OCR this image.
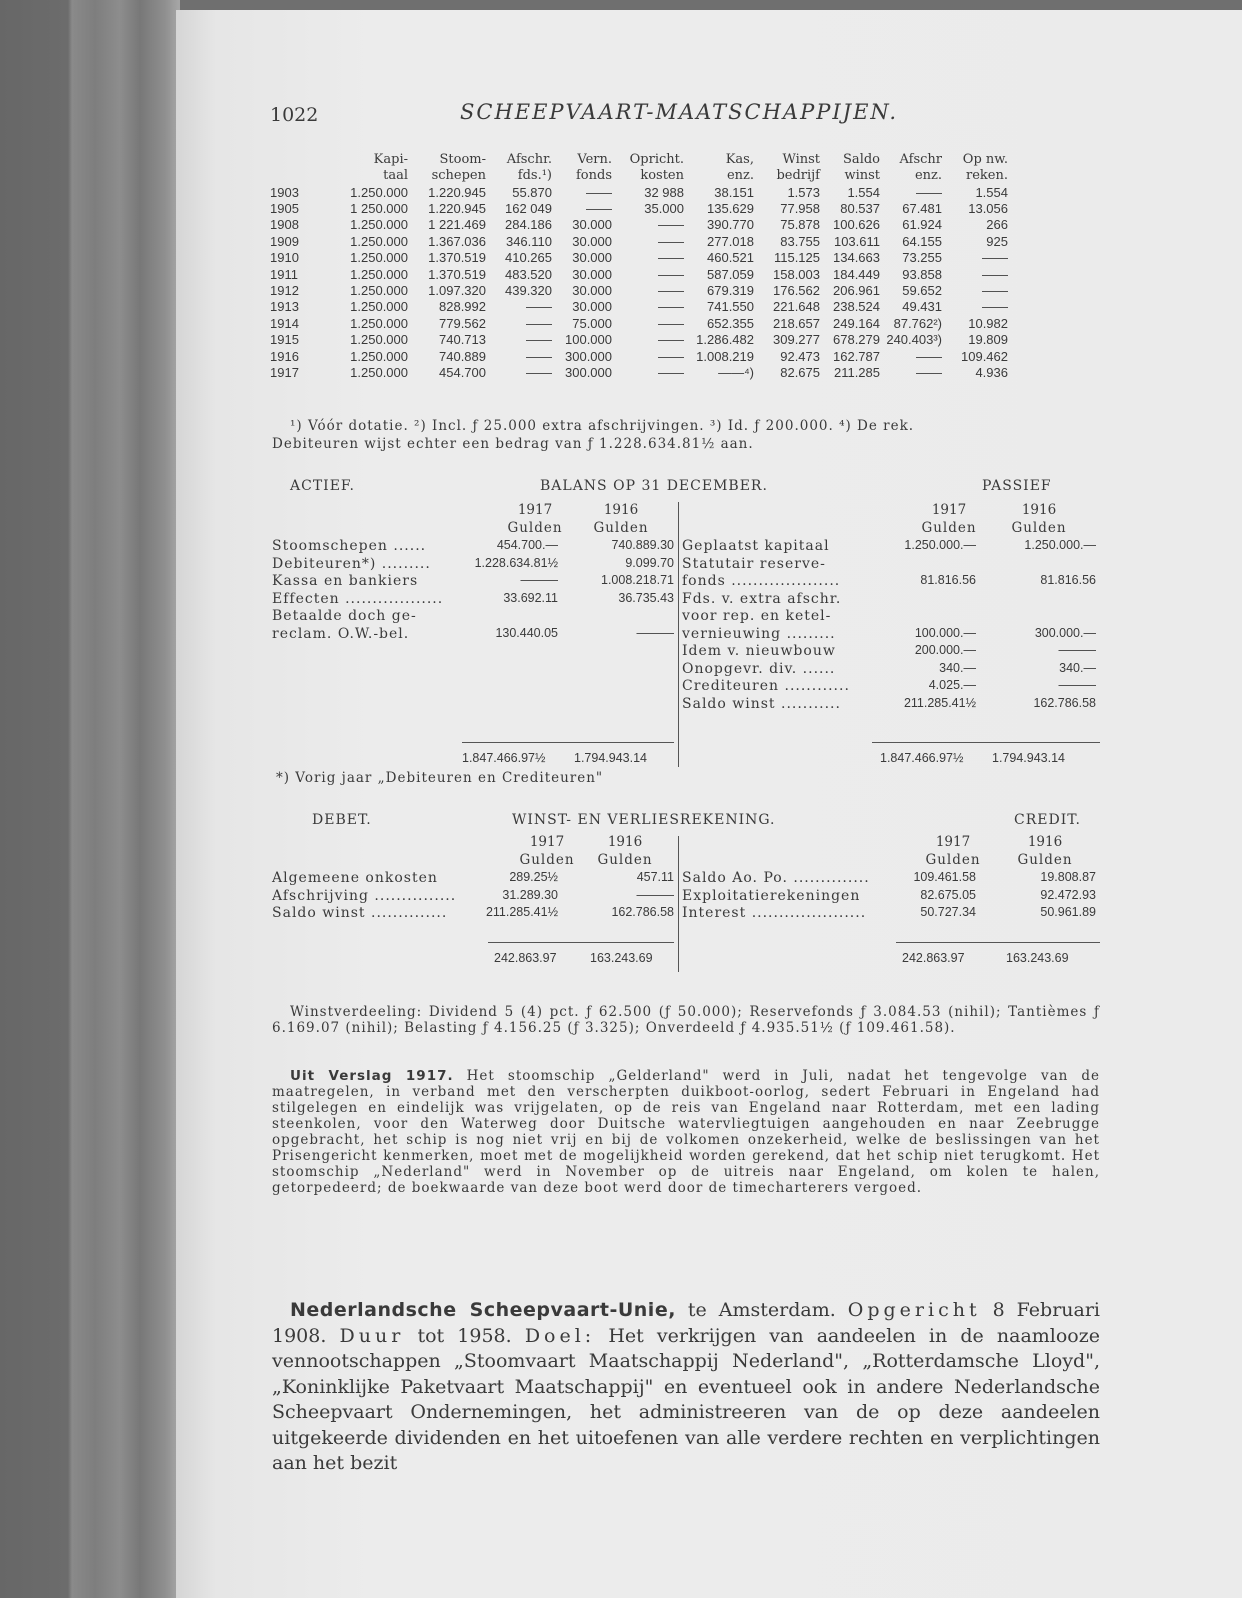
1022	SCHEEPVAART-MAATSCHAPPIJEN.
	Kapi-	Stoom-	Afschr.	Vern.	Opricht.	Kas,	Winst	Saldo	Afschr	Op nw.
	taal	schepen	fds.¹)	fonds	kosten	enz.	bedrijf	winst	enz.	reken.
1903	1.250.000	1.220.945	55.870	——	32 988	38.151	1.573	1.554	——	1.554
1905	1 250.000	1.220.945	162 049	——	35.000	135.629	77.958	80.537	67.481	13.056
1908	1.250.000	1 221.469	284.186	30.000	——	390.770	75.878	100.626	61.924	266
1909	1.250.000	1.367.036	346.110	30.000	——	277.018	83.755	103.611	64.155	925
1910	1.250.000	1.370.519	410.265	30.000	——	460.521	115.125	134.663	73.255	——
1911	1.250.000	1.370.519	483.520	30.000	——	587.059	158.003	184.449	93.858	——
1912	1.250.000	1.097.320	439.320	30.000	——	679.319	176.562	206.961	59.652	——
1913	1.250.000	828.992	——	30.000	——	741.550	221.648	238.524	49.431	——
1914	1.250.000	779.562	——	75.000	——	652.355	218.657	249.164	87.762²)	10.982
1915	1.250.000	740.713	——	100.000	——	1.286.482	309.277	678.279	240.403³)	19.809
1916	1.250.000	740.889	——	300.000	——	1.008.219	92.473	162.787	——	109.462
1917	1.250.000	454.700	——	300.000	——	——⁴)	82.675	211.285	——	4.936
¹) Vóór dotatie. ²) Incl. ƒ 25.000 extra afschrijvingen. ³) Id. ƒ 200.000. ⁴) De rek.
Debiteuren wijst echter een bedrag van ƒ 1.228.634.81½ aan.
ACTIEF.	BALANS OP 31 DECEMBER.	PASSIEF
1917	1916
Gulden	Gulden
1917	1916
Gulden	Gulden
Stoomschepen ......	454.700.—	740.889.30
Debiteuren*) .........	1.228.634.81½	9.099.70
Kassa en bankiers	———	1.008.218.71
Effecten ..................	33.692.11	36.735.43
Betaalde doch ge-
reclam. O.W.-bel.	130.440.05	———
Geplaatst kapitaal	1.250.000.—	1.250.000.—
Statutair reserve-
fonds ....................	81.816.56	81.816.56
Fds. v. extra afschr.
voor rep. en ketel-
vernieuwing .........	100.000.—	300.000.—
Idem v. nieuwbouw	200.000.—	———
Onopgevr. div. ......	340.—	340.—
Crediteuren ............	4.025.—	———
Saldo winst ...........	211.285.41½	162.786.58
1.847.466.97½ 1.794.943.14	1.847.466.97½ 1.794.943.14
*) Vorig jaar „Debiteuren en Crediteuren"
DEBET.	WINST- EN VERLIESREKENING.	CREDIT.
1917	1916
Gulden	Gulden
1917	1916
Gulden	Gulden
Algemeene onkosten	289.25½	457.11
Afschrijving ...............	31.289.30	———
Saldo winst ..............	211.285.41½	162.786.58
Saldo Ao. Po. ..............	109.461.58	19.808.87
Exploitatierekeningen	82.675.05	92.472.93
Interest .....................	50.727.34	50.961.89
242.863.97	163.243.69	242.863.97	163.243.69
Winstverdeeling: Dividend 5 (4) pct. ƒ 62.500 (ƒ 50.000); Reservefonds ƒ 3.084.53 (nihil); Tantièmes ƒ 6.169.07 (nihil); Belasting ƒ 4.156.25 (ƒ 3.325); Onverdeeld ƒ 4.935.51½ (ƒ 109.461.58).
Uit Verslag 1917. Het stoomschip „Gelderland" werd in Juli, nadat het tengevolge van de maatregelen, in verband met den verscherpten duikboot-oorlog, sedert Februari in Engeland had stilgelegen en eindelijk was vrijgelaten, op de reis van Engeland naar Rotterdam, met een lading steenkolen, voor den Waterweg door Duitsche watervliegtuigen aangehouden en naar Zeebrugge opgebracht, het schip is nog niet vrij en bij de volkomen onzekerheid, welke de beslissingen van het Prisengericht kenmerken, moet met de mogelijkheid worden gerekend, dat het schip niet terugkomt. Het stoomschip „Nederland" werd in November op de uitreis naar Engeland, om kolen te halen, getorpedeerd; de boekwaarde van deze boot werd door de timecharterers vergoed.
Nederlandsche Scheepvaart-Unie, te Amsterdam. Opgericht 8 Februari 1908. Duur tot 1958. Doel: Het verkrijgen van aandeelen in de naamlooze vennootschappen „Stoomvaart Maatschappij Nederland", „Rotterdamsche Lloyd", „Koninklijke Paketvaart Maatschappij" en eventueel ook in andere Nederlandsche Scheepvaart Ondernemingen, het administreeren van de op deze aandeelen uitgekeerde dividenden en het uitoefenen van alle verdere rechten en verplichtingen aan het bezit
